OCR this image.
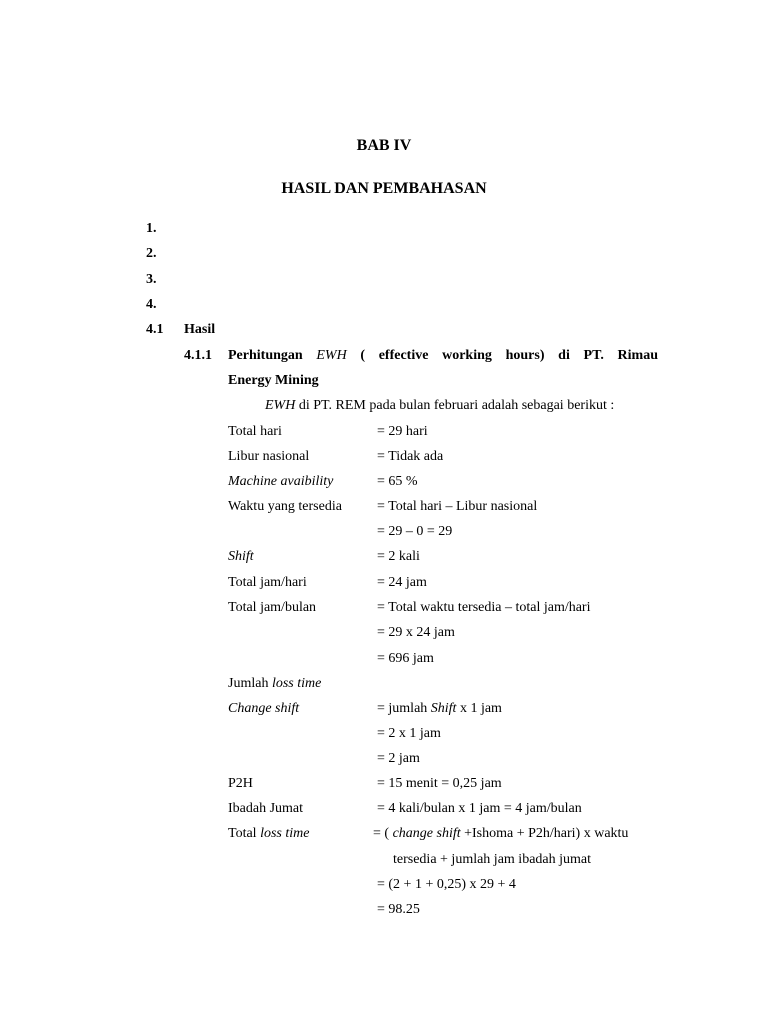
BAB IV
HASIL DAN PEMBAHASAN
1.
2.
3.
4.
4.1 Hasil
4.1.1 Perhitungan EWH ( effective working hours) di PT. Rimau
Energy Mining
EWH di PT. REM pada bulan februari adalah sebagai berikut :
Total hari	= 29 hari
Libur nasional	= Tidak ada
Machine avaibility	= 65 %
Waktu yang tersedia	= Total hari – Libur nasional
= 29 – 0 = 29
Shift	= 2 kali
Total jam/hari	= 24 jam
Total jam/bulan	= Total waktu tersedia – total jam/hari
= 29 x 24 jam
= 696 jam
Jumlah loss time
Change shift	= jumlah Shift x 1 jam
= 2 x 1 jam
= 2 jam
P2H	= 15 menit = 0,25 jam
Ibadah Jumat	= 4 kali/bulan x 1 jam = 4 jam/bulan
Total loss time	= ( change shift +Ishoma + P2h/hari) x waktu
tersedia + jumlah jam ibadah jumat
= (2 + 1 + 0,25) x 29 + 4
= 98.25
